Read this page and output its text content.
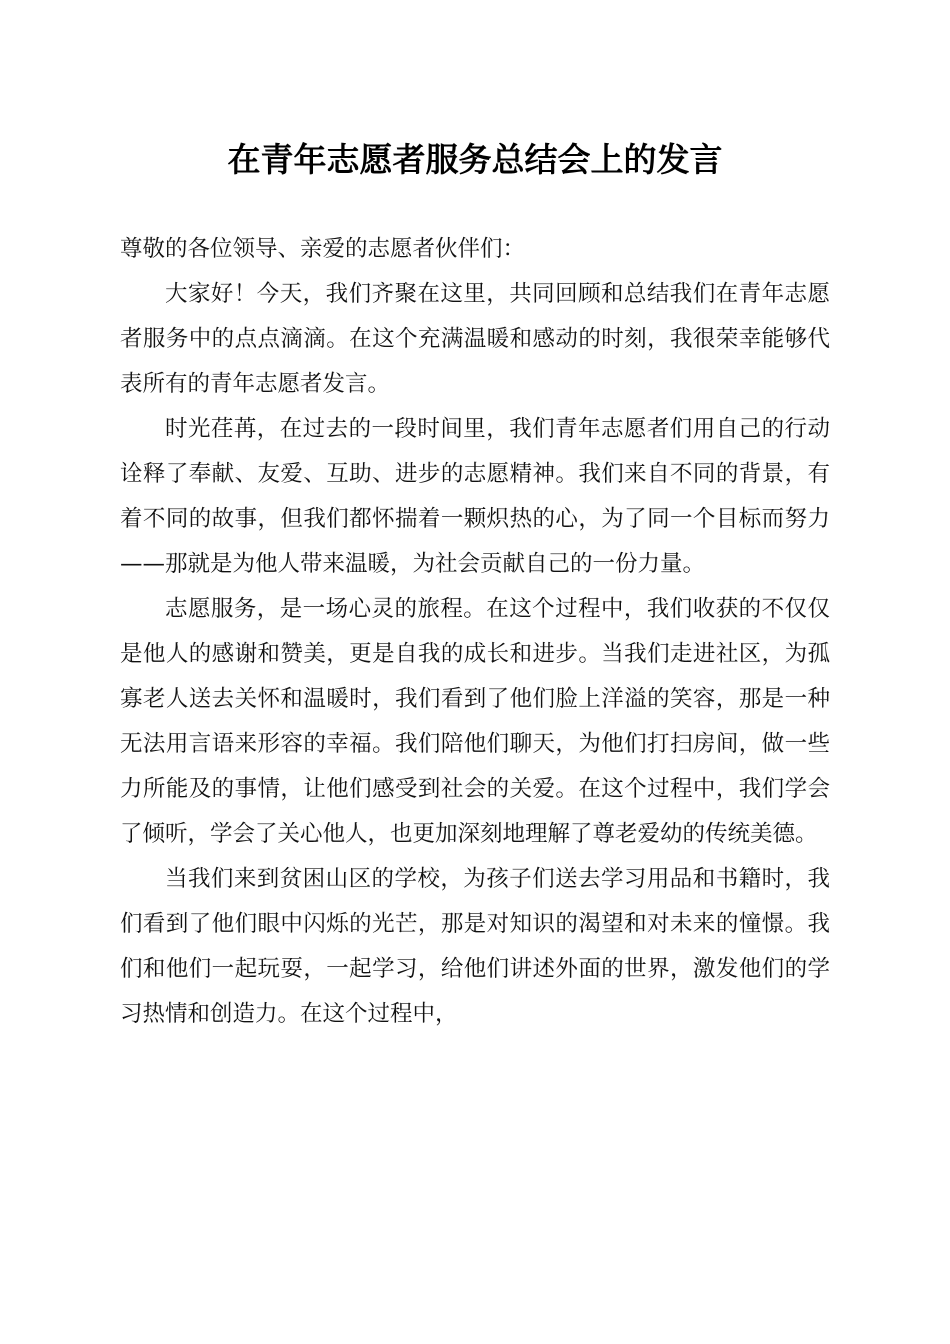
在青年志愿者服务总结会上的发言

尊敬的各位领导、亲爱的志愿者伙伴们：

大家好！今天，我们齐聚在这里，共同回顾和总结我们在青年志愿者服务中的点点滴滴。在这个充满温暖和感动的时刻，我很荣幸能够代表所有的青年志愿者发言。

时光荏苒，在过去的一段时间里，我们青年志愿者们用自己的行动诠释了奉献、友爱、互助、进步的志愿精神。我们来自不同的背景，有着不同的故事，但我们都怀揣着一颗炽热的心，为了同一个目标而努力——那就是为他人带来温暖，为社会贡献自己的一份力量。

志愿服务，是一场心灵的旅程。在这个过程中，我们收获的不仅仅是他人的感谢和赞美，更是自我的成长和进步。当我们走进社区，为孤寡老人送去关怀和温暖时，我们看到了他们脸上洋溢的笑容，那是一种无法用言语来形容的幸福。我们陪他们聊天，为他们打扫房间，做一些力所能及的事情，让他们感受到社会的关爱。在这个过程中，我们学会了倾听，学会了关心他人，也更加深刻地理解了尊老爱幼的传统美德。

当我们来到贫困山区的学校，为孩子们送去学习用品和书籍时，我们看到了他们眼中闪烁的光芒，那是对知识的渴望和对未来的憧憬。我们和他们一起玩耍，一起学习，给他们讲述外面的世界，激发他们的学习热情和创造力。在这个过程中，
